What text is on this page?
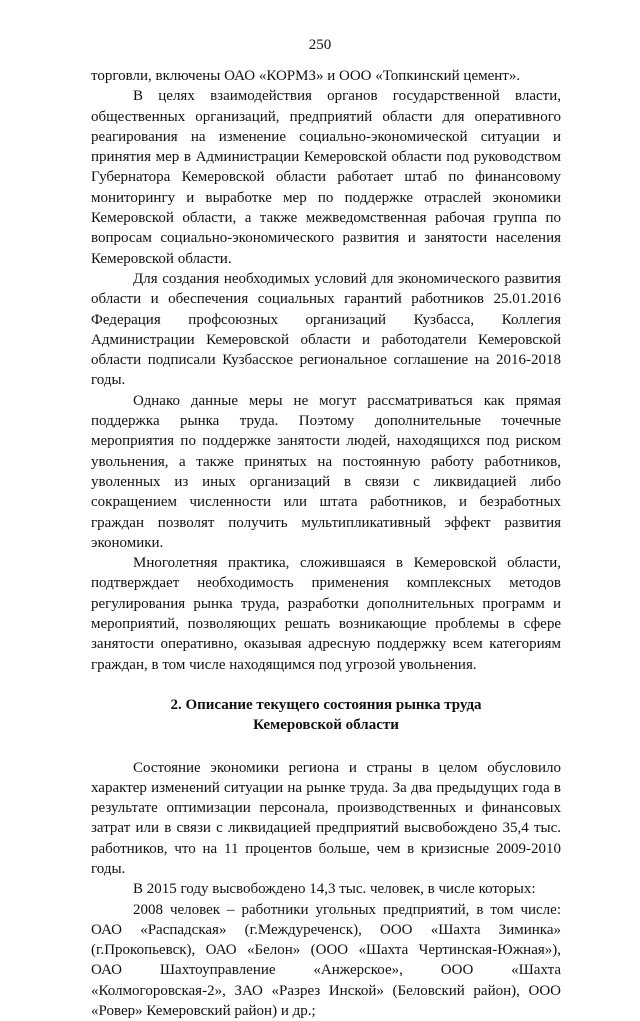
250

торговли, включены ОАО «КОРМЗ» и ООО «Топкинский цемент».

В целях взаимодействия органов государственной власти, общественных организаций, предприятий области для оперативного реагирования на изменение социально-экономической ситуации и принятия мер в Администрации Кемеровской области под руководством Губернатора Кемеровской области работает штаб по финансовому мониторингу и выработке мер по поддержке отраслей экономики Кемеровской области, а также межведомственная рабочая группа по вопросам социально-экономического развития и занятости населения Кемеровской области.

Для создания необходимых условий для экономического развития области и обеспечения социальных гарантий работников 25.01.2016 Федерация профсоюзных организаций Кузбасса, Коллегия Администрации Кемеровской области и работодатели Кемеровской области подписали Кузбасское региональное соглашение на 2016-2018 годы.

Однако данные меры не могут рассматриваться как прямая поддержка рынка труда. Поэтому дополнительные точечные мероприятия по поддержке занятости людей, находящихся под риском увольнения, а также принятых на постоянную работу работников, уволенных из иных организаций в связи с ликвидацией либо сокращением численности или штата работников, и безработных граждан позволят получить мультипликативный эффект развития экономики.

Многолетняя практика, сложившаяся в Кемеровской области, подтверждает необходимость применения комплексных методов регулирования рынка труда, разработки дополнительных программ и мероприятий, позволяющих решать возникающие проблемы в сфере занятости оперативно, оказывая адресную поддержку всем категориям граждан, в том числе находящимся под угрозой увольнения.

2. Описание текущего состояния рынка труда
Кемеровской области

Состояние экономики региона и страны в целом обусловило характер изменений ситуации на рынке труда. За два предыдущих года в результате оптимизации персонала, производственных и финансовых затрат или в связи с ликвидацией предприятий высвобождено 35,4 тыс. работников, что на 11 процентов больше, чем в кризисные 2009-2010 годы.

В 2015 году высвобождено 14,3 тыс. человек, в числе которых:

2008 человек – работники угольных предприятий, в том числе: ОАО «Распадская» (г.Междуреченск), ООО «Шахта Зиминка» (г.Прокопьевск), ОАО «Белон» (ООО «Шахта Чертинская-Южная»), ОАО Шахтоуправление «Анжерское», ООО «Шахта «Колмогоровская-2», ЗАО «Разрез Инской» (Беловский район), ООО «Ровер» Кемеровский район) и др.;
